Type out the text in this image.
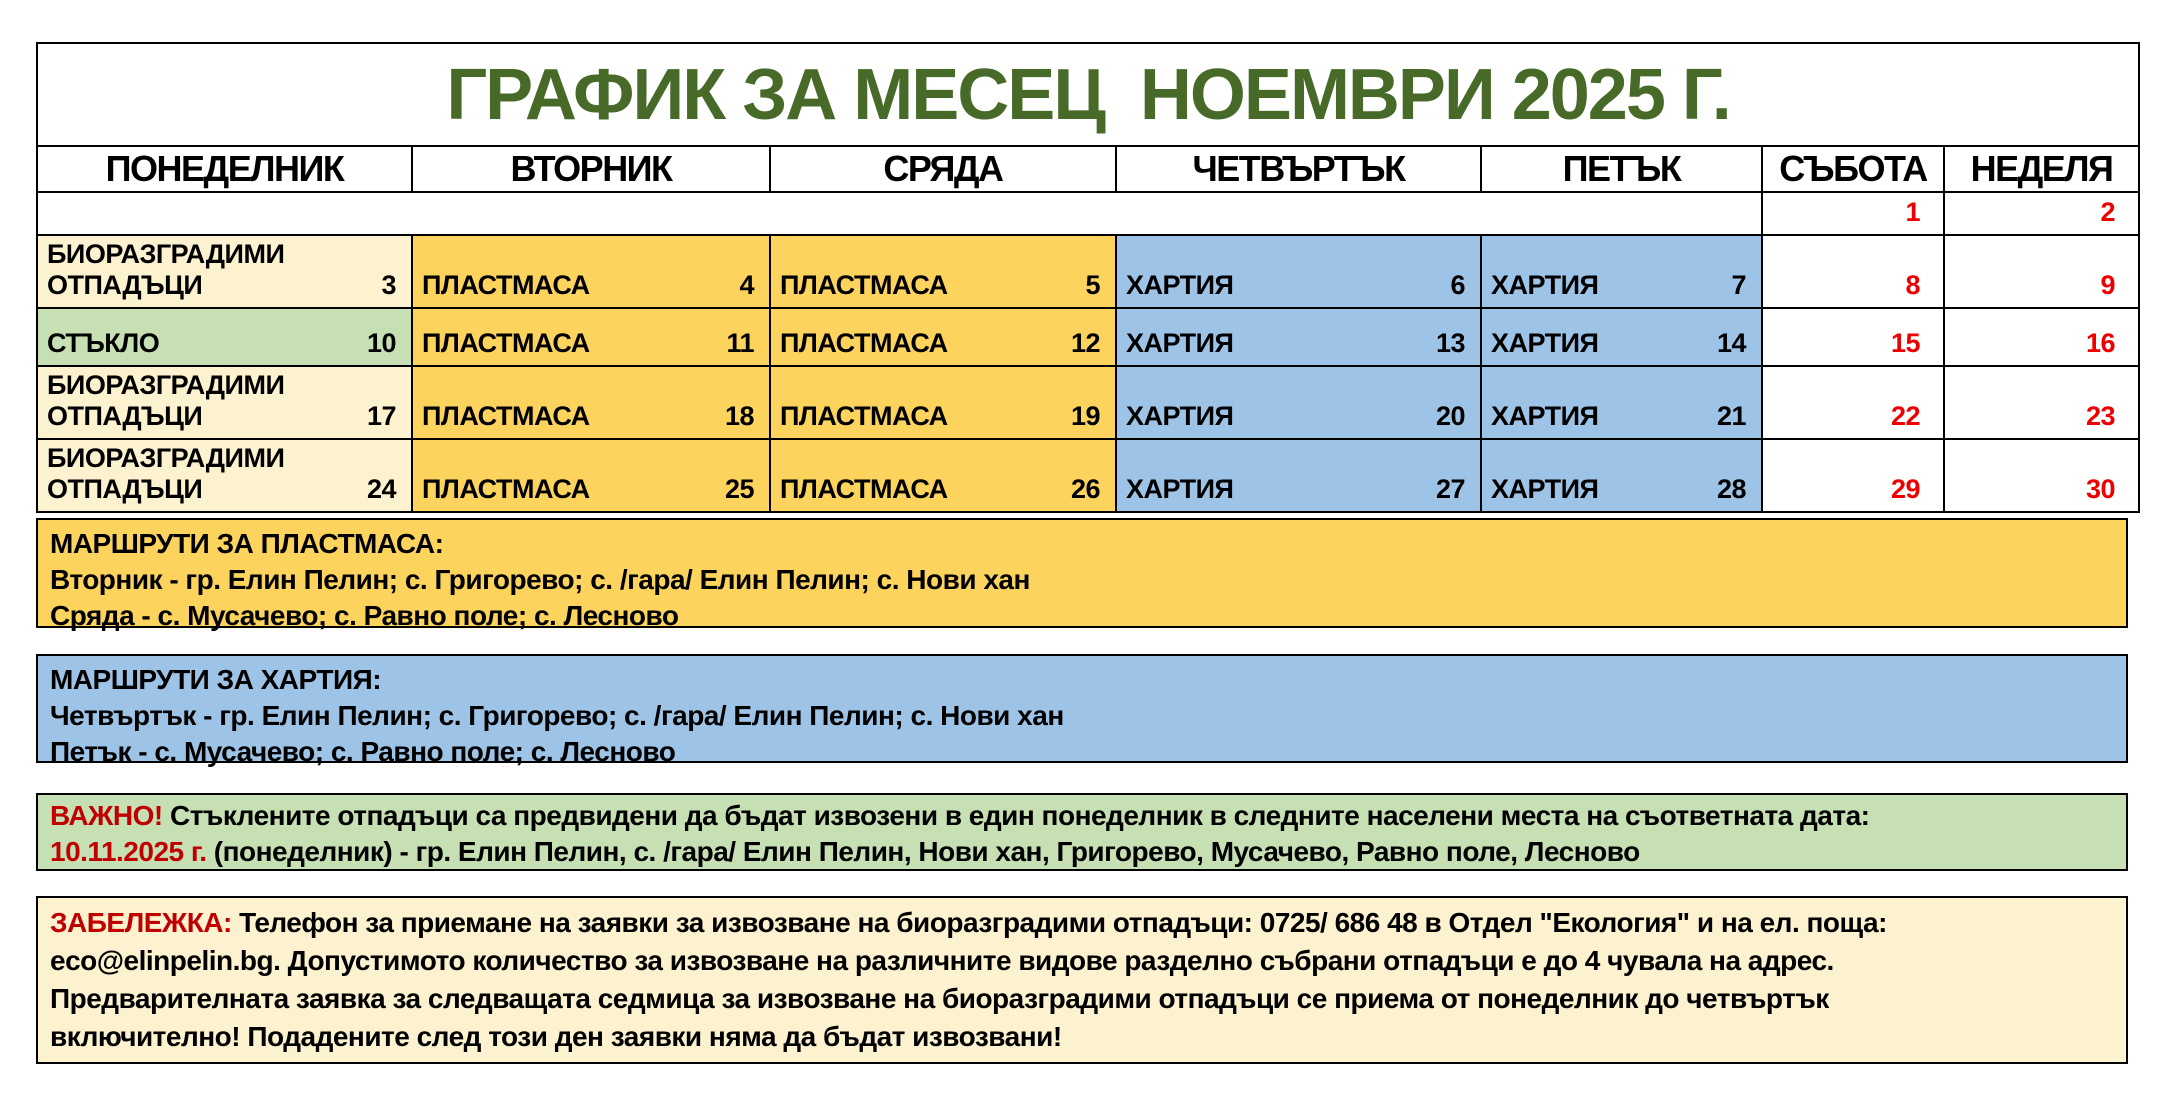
ГРАФИК ЗА МЕСЕЦ  НОЕМВРИ 2025 Г.						
ПОНЕДЕЛНИК	ВТОРНИК	СРЯДА	ЧЕТВЪРТЪК	ПЕТЪК	СЪБОТА	НЕДЕЛЯ

					1	2

БИОРАЗГРАДИМИ ОТПАДЪЦИ 3	ПЛАСТМАСА 4	ПЛАСТМАСА 5	ХАРТИЯ 6	ХАРТИЯ 7	8	9

СТЪКЛО 10	ПЛАСТМАСА 11	ПЛАСТМАСА 12	ХАРТИЯ 13	ХАРТИЯ 14	15	16

БИОРАЗГРАДИМИ ОТПАДЪЦИ 17	ПЛАСТМАСА 18	ПЛАСТМАСА 19	ХАРТИЯ 20	ХАРТИЯ 21	22	23

БИОРАЗГРАДИМИ ОТПАДЪЦИ 24	ПЛАСТМАСА 25	ПЛАСТМАСА 26	ХАРТИЯ 27	ХАРТИЯ 28	29	30
МАРШРУТИ ЗА ПЛАСТМАСА:
Вторник - гр. Елин Пелин; с. Григорево; с. /гара/ Елин Пелин; с. Нови хан
Сряда - с. Мусачево; с. Равно поле; с. Лесново
МАРШРУТИ ЗА ХАРТИЯ:
Четвъртък - гр. Елин Пелин; с. Григорево; с. /гара/ Елин Пелин; с. Нови хан
Петък - с. Мусачево; с. Равно поле; с. Лесново
ВАЖНО! Стъклените отпадъци са предвидени да бъдат извозени в един понеделник в следните населени места на съответната дата:
10.11.2025 г. (понеделник) - гр. Елин Пелин, с. /гара/ Елин Пелин, Нови хан, Григорево, Мусачево, Равно поле, Лесново
ЗАБЕЛЕЖКА: Телефон за приемане на заявки за извозване на биоразградими отпадъци: 0725/ 686 48 в Отдел "Екология" и на ел. поща:
eco@elinpelin.bg. Допустимото количество за извозване на различните видове разделно събрани отпадъци е до 4 чувала на адрес.
Предварителната заявка за следващата седмица за извозване на биоразградими отпадъци се приема от понеделник до четвъртък
включително! Подадените след този ден заявки няма да бъдат извозвани!
